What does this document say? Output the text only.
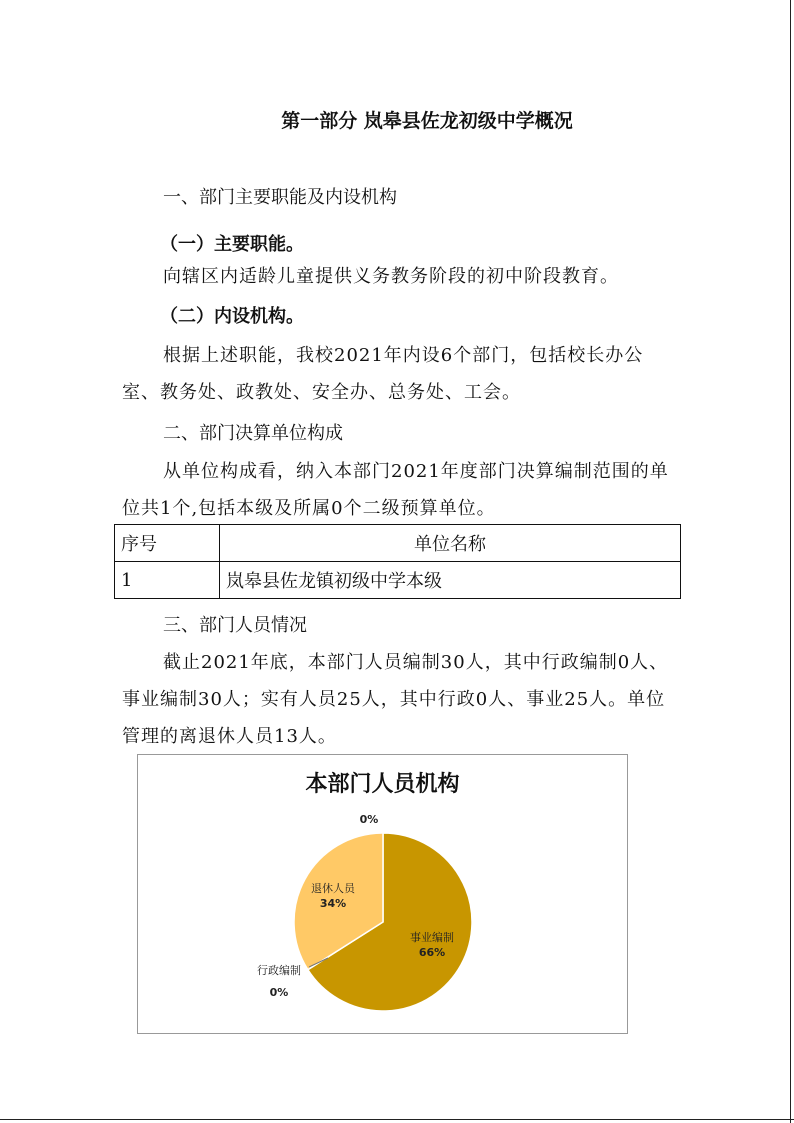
第一部分 岚皋县佐龙初级中学概况
一、部门主要职能及内设机构
（一）主要职能。
向辖区内适龄儿童提供义务教务阶段的初中阶段教育。
（二）内设机构。
根据上述职能，我校2021年内设6个部门，包括校长办公室、教务处、政教处、安全办、总务处、工会。
二、部门决算单位构成
从单位构成看，纳入本部门2021年度部门决算编制范围的单位共1个,包括本级及所属0个二级预算单位。
序号	单位名称
1	岚皋县佐龙镇初级中学本级
三、部门人员情况
截止2021年底，本部门人员编制30人，其中行政编制0人、事业编制30人；实有人员25人，其中行政0人、事业25人。单位管理的离退休人员13人。
本部门人员机构
事业编制
66%
退休人员
34%
0%
行政编制
0%
